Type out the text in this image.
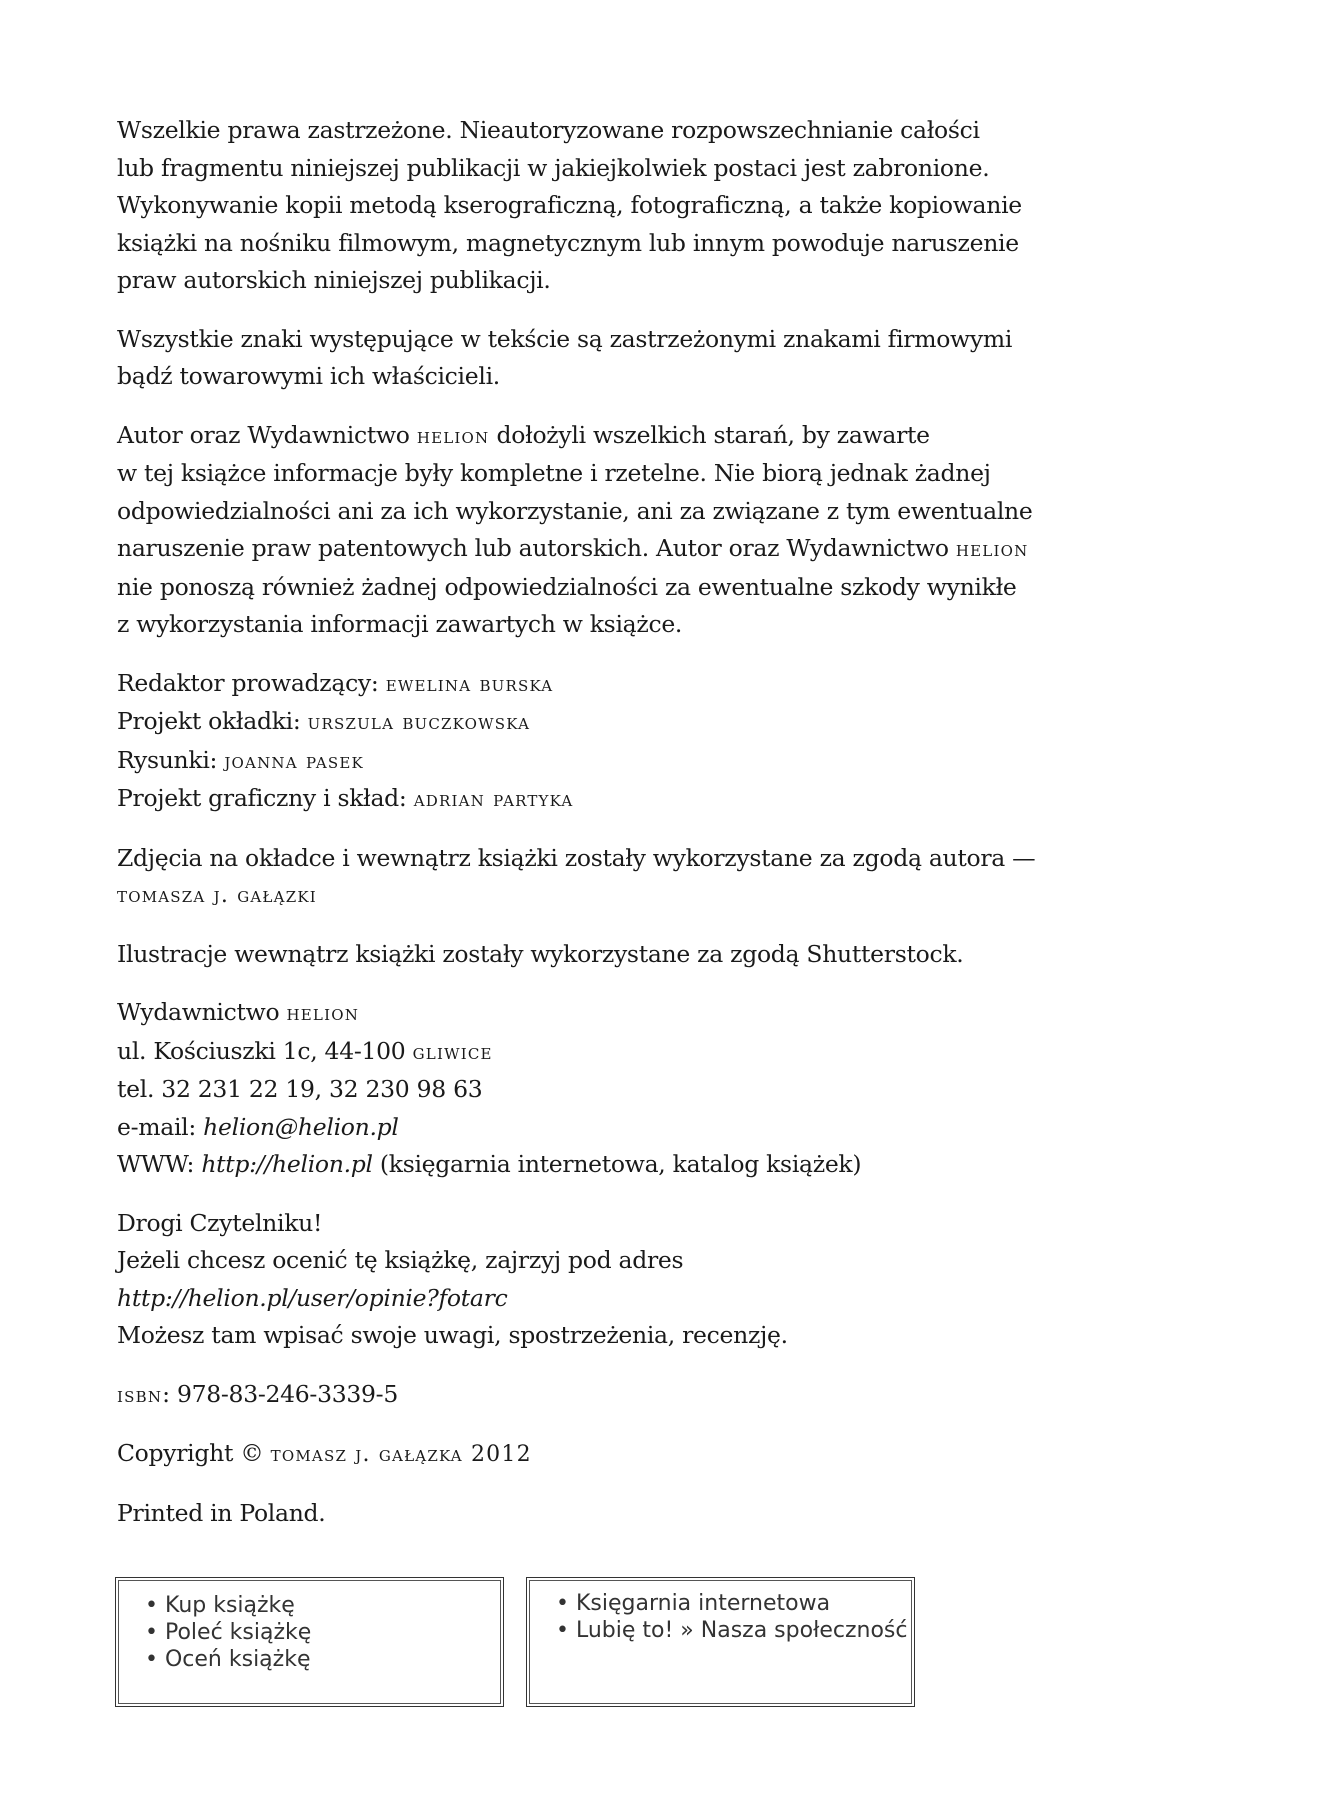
Wszelkie prawa zastrzeżone. Nieautoryzowane rozpowszechnianie całości
lub fragmentu niniejszej publikacji w jakiejkolwiek postaci jest zabronione.
Wykonywanie kopii metodą kserograficzną, fotograficzną, a także kopiowanie
książki na nośniku filmowym, magnetycznym lub innym powoduje naruszenie
praw autorskich niniejszej publikacji.

Wszystkie znaki występujące w tekście są zastrzeżonymi znakami firmowymi
bądź towarowymi ich właścicieli.

Autor oraz Wydawnictwo helion dołożyli wszelkich starań, by zawarte
w tej książce informacje były kompletne i rzetelne. Nie biorą jednak żadnej
odpowiedzialności ani za ich wykorzystanie, ani za związane z tym ewentualne
naruszenie praw patentowych lub autorskich. Autor oraz Wydawnictwo helion
nie ponoszą również żadnej odpowiedzialności za ewentualne szkody wynikłe
z wykorzystania informacji zawartych w książce.

Redaktor prowadzący: ewelina burska
Projekt okładki: urszula buczkowska
Rysunki: joanna pasek
Projekt graficzny i skład: adrian partyka

Zdjęcia na okładce i wewnątrz książki zostały wykorzystane za zgodą autora —
tomasza j. gałązki

Ilustracje wewnątrz książki zostały wykorzystane za zgodą Shutterstock.

Wydawnictwo helion
ul. Kościuszki 1c, 44-100 gliwice
tel. 32 231 22 19, 32 230 98 63
e-mail: helion@helion.pl
WWW: http://helion.pl (księgarnia internetowa, katalog książek)

Drogi Czytelniku!
Jeżeli chcesz ocenić tę książkę, zajrzyj pod adres
http://helion.pl/user/opinie?fotarc
Możesz tam wpisać swoje uwagi, spostrzeżenia, recenzję.

isbn: 978-83-246-3339-5

Copyright © tomasz j. gałązka 2012

Printed in Poland.

• Kup książkę
• Poleć książkę
• Oceń książkę
• Księgarnia internetowa
• Lubię to! » Nasza społeczność
